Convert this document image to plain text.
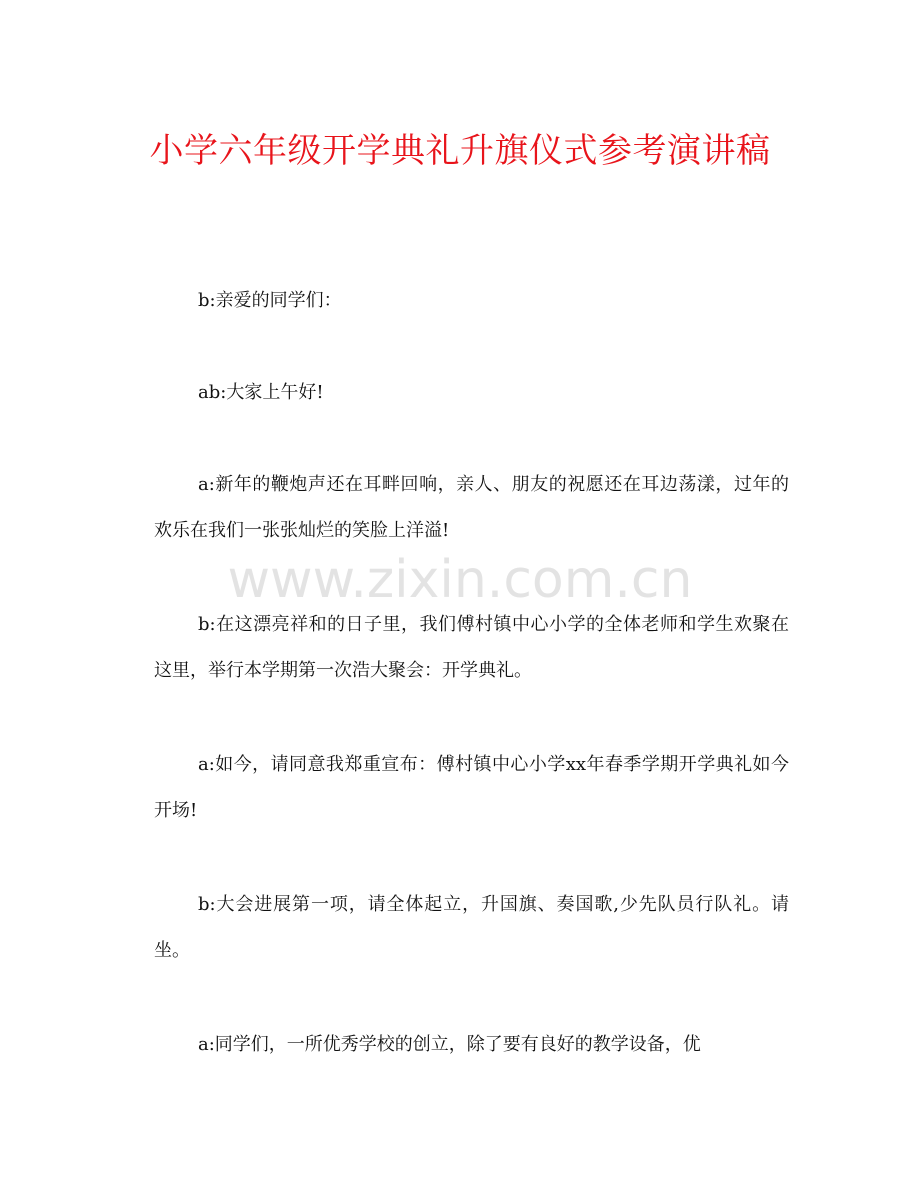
小学六年级开学典礼升旗仪式参考演讲稿
www.zixin.com.cn

b:亲爱的同学们：

ab:大家上午好!

a:新年的鞭炮声还在耳畔回响，亲人、朋友的祝愿还在耳边荡漾，过年的欢乐在我们一张张灿烂的笑脸上洋溢!

b:在这漂亮祥和的日子里，我们傅村镇中心小学的全体老师和学生欢聚在这里，举行本学期第一次浩大聚会：开学典礼。

a:如今，请同意我郑重宣布：傅村镇中心小学xx年春季学期开学典礼如今开场!

b:大会进展第一项，请全体起立，升国旗、奏国歌,少先队员行队礼。请坐。

a:同学们，一所优秀学校的创立，除了要有良好的教学设备，优
